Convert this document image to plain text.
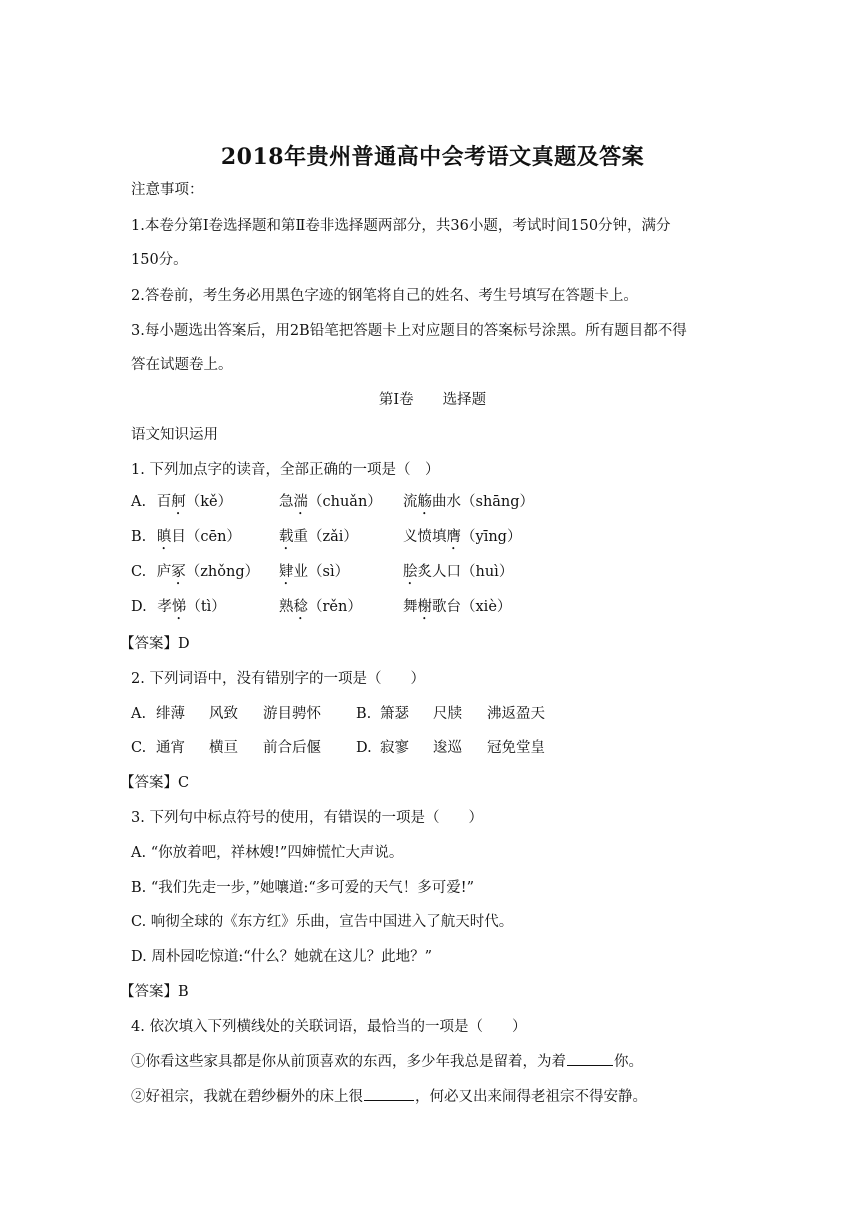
2018年贵州普通高中会考语文真题及答案
注意事项：
1.本卷分第Ⅰ卷选择题和第Ⅱ卷非选择题两部分，共36小题，考试时间150分钟，满分
150分。
2.答卷前，考生务必用黑色字迹的钢笔将自己的姓名、考生号填写在答题卡上。
3.每小题选出答案后，用2B铅笔把答题卡上对应题目的答案标号涂黑。所有题目都不得
答在试题卷上。
第Ⅰ卷　　选择题
语文知识运用
1. 下列加点字的读音，全部正确的一项是（　）
A. 百舸（kě）	急湍（chuǎn） 流觞曲水（shāng）
B. 瞋目（cēn）	载重（zǎi）	义愤填膺（yīng）
C. 庐冢（zhǒng） 肄业（sì）	脍炙人口（huì）
D. 孝悌（tì）	熟稔（rěn）	舞榭歌台（xiè）
【答案】D
2. 下列词语中，没有错别字的一项是（　　）
A. 绯薄 风致 游目骋怀 B. 箫瑟 尺牍 沸返盈天
C. 通宵 横亘 前合后偃 D. 寂寥 逡巡 冠免堂皇
【答案】C
3. 下列句中标点符号的使用，有错误的一项是（　　）
A. “你放着吧，祥林嫂!”四婶慌忙大声说。
B. “我们先走一步，”她嚷道:“多可爱的天气！多可爱!”
C. 响彻全球的《东方红》乐曲，宣告中国进入了航天时代。
D. 周朴园吃惊道:“什么？她就在这儿？此地？”
【答案】B
4. 依次填入下列横线处的关联词语，最恰当的一项是（　　）
①你看这些家具都是你从前顶喜欢的东西，多少年我总是留着，为着	你。
②好祖宗，我就在碧纱橱外的床上很	，何必又出来闹得老祖宗不得安静。
